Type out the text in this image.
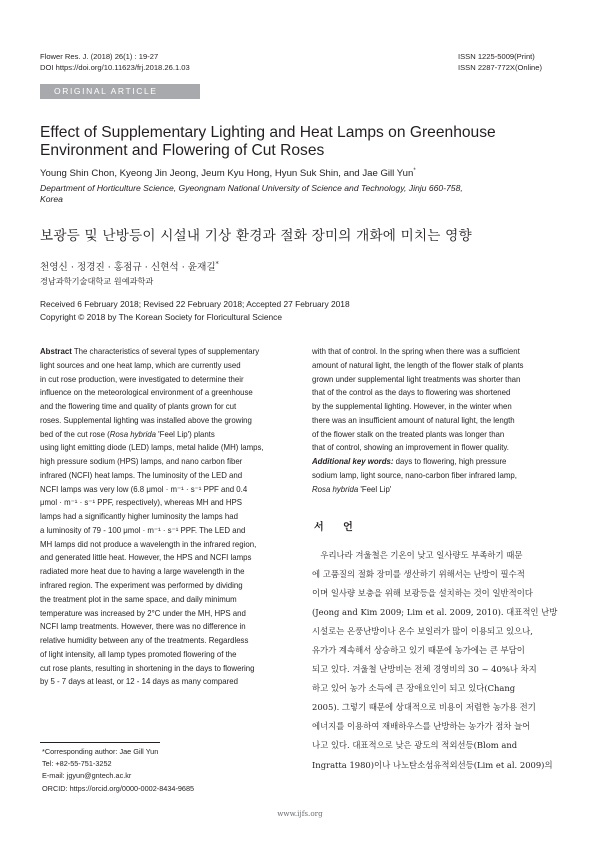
Flower Res. J. (2018) 26(1) : 19-27
DOI https://doi.org/10.11623/frj.2018.26.1.03
ISSN 1225-5009(Print)
ISSN 2287-772X(Online)
ORIGINAL ARTICLE
Effect of Supplementary Lighting and Heat Lamps on Greenhouse Environment and Flowering of Cut Roses
Young Shin Chon, Kyeong Jin Jeong, Jeum Kyu Hong, Hyun Suk Shin, and Jae Gill Yun*
Department of Horticulture Science, Gyeongnam National University of Science and Technology, Jinju 660-758,
Korea
보광등 및 난방등이 시설내 기상 환경과 절화 장미의 개화에 미치는 영향
천영신 · 정경진 · 홍점규 · 신현석 · 윤재길*
경남과학기술대학교 원예과학과
Received 6 February 2018; Revised 22 February 2018; Accepted 27 February 2018
Copyright © 2018 by The Korean Society for Floricultural Science
Abstract The characteristics of several types of supplementary
light sources and one heat lamp, which are currently used
in cut rose production, were investigated to determine their
influence on the meteorological environment of a greenhouse
and the flowering time and quality of plants grown for cut
roses. Supplemental lighting was installed above the growing
bed of the cut rose (Rosa hybrida 'Feel Lip') plants
using light emitting diode (LED) lamps, metal halide (MH) lamps,
high pressure sodium (HPS) lamps, and nano carbon fiber
infrared (NCFI) heat lamps. The luminosity of the LED and
NCFI lamps was very low (6.8 μmol · m⁻¹ · s⁻¹ PPF and 0.4
μmol · m⁻¹ · s⁻¹ PPF, respectively), whereas MH and HPS
lamps had a significantly higher luminosity the lamps had
a luminosity of 79 - 100 μmol · m⁻¹ · s⁻¹ PPF. The LED and
MH lamps did not produce a wavelength in the infrared region,
and generated little heat. However, the HPS and NCFI lamps
radiated more heat due to having a large wavelength in the
infrared region. The experiment was performed by dividing
the treatment plot in the same space, and daily minimum
temperature was increased by 2°C under the MH, HPS and
NCFI lamp treatments. However, there was no difference in
relative humidity between any of the treatments. Regardless
of light intensity, all lamp types promoted flowering of the
cut rose plants, resulting in shortening in the days to flowering
by 5 - 7 days at least, or 12 - 14 days as many compared
with that of control. In the spring when there was a sufficient
amount of natural light, the length of the flower stalk of plants
grown under supplemental light treatments was shorter than
that of the control as the days to flowering was shortened
by the supplemental lighting. However, in the winter when
there was an insufficient amount of natural light, the length
of the flower stalk on the treated plants was longer than
that of control, showing an improvement in flower quality.
Additional key words: days to flowering, high pressure
sodium lamp, light source, nano-carbon fiber infrared lamp,
Rosa hybrida 'Feel Lip'
서 언
　우리나라 겨울철은 기온이 낮고 일사량도 부족하기 때문
에 고품질의 절화 장미를 생산하기 위해서는 난방이 필수적
이며 일사량 보충을 위해 보광등을 설치하는 것이 일반적이다
(Jeong and Kim 2009; Lim et al. 2009, 2010). 대표적인 난방
시설로는 온풍난방이나 온수 보일러가 많이 이용되고 있으나,
유가가 계속해서 상승하고 있기 때문에 농가에는 큰 부담이
되고 있다. 겨울철 난방비는 전체 경영비의 30 ~ 40%나 차지
하고 있어 농가 소득에 큰 장애요인이 되고 있다(Chang
2005). 그렇기 때문에 상대적으로 비용이 저렴한 농가용 전기
에너지를 이용하여 재배하우스를 난방하는 농가가 점차 늘어
나고 있다. 대표적으로 낮은 광도의 적외선등(Blom and
Ingratta 1980)이나 나노탄소섬유적외선등(Lim et al. 2009)의
*Corresponding author: Jae Gill Yun
Tel: +82-55-751-3252
E-mail: jgyun@gntech.ac.kr
ORCID: https://orcid.org/0000-0002-8434-9685
www.ijfs.org
